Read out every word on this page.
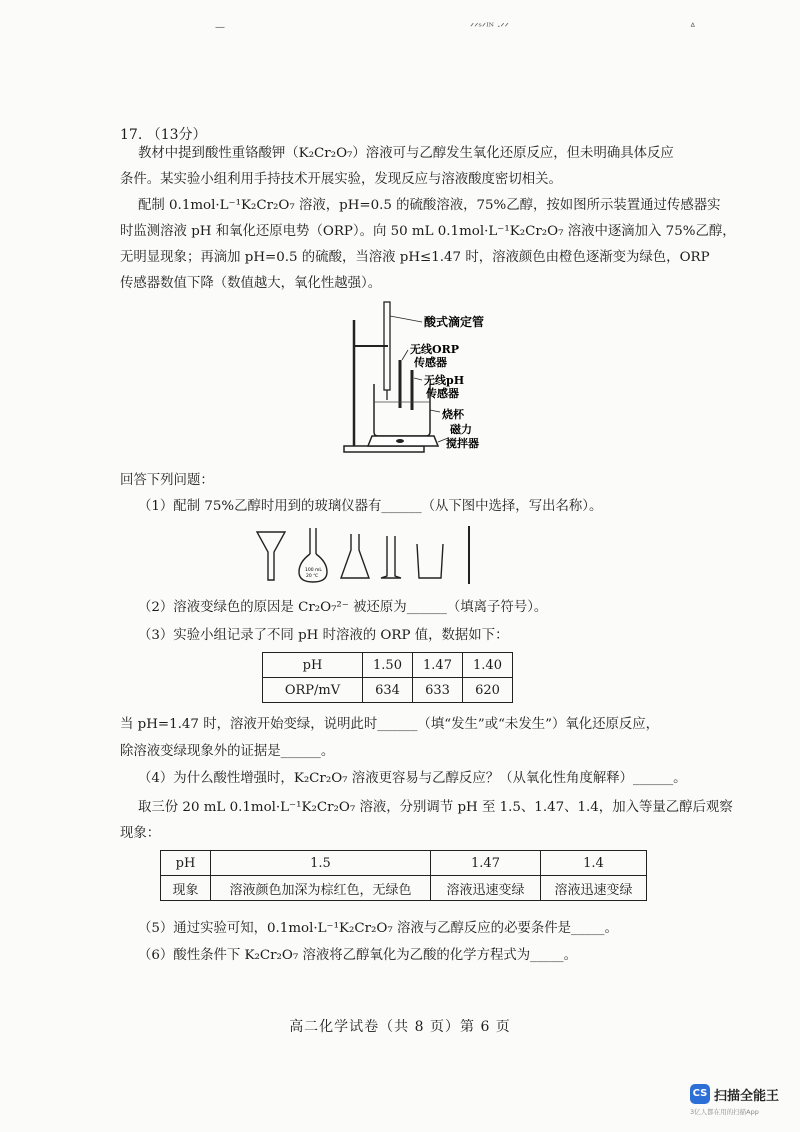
—	ᐟᐟˢᐟᴵᴺ ·ᐟᐟ	ᐞ
17. （13分）
教材中提到酸性重铬酸钾（K₂Cr₂O₇）溶液可与乙醇发生氧化还原反应，但未明确具体反应
条件。某实验小组利用手持技术开展实验，发现反应与溶液酸度密切相关。
配制 0.1mol·L⁻¹K₂Cr₂O₇ 溶液，pH=0.5 的硫酸溶液，75%乙醇，按如图所示装置通过传感器实
时监测溶液 pH 和氧化还原电势（ORP）。向 50 mL 0.1mol·L⁻¹K₂Cr₂O₇ 溶液中逐滴加入 75%乙醇，
无明显现象；再滴加 pH=0.5 的硫酸，当溶液 pH≤1.47 时，溶液颜色由橙色逐渐变为绿色，ORP
传感器数值下降（数值越大，氧化性越强）。
酸式滴定管
无线ORP
传感器
无线pH
传感器
烧杯
磁力
搅拌器
回答下列问题：
（1）配制 75%乙醇时用到的玻璃仪器有______（从下图中选择，写出名称）。
100 mL
20 ℃
（2）溶液变绿色的原因是 Cr₂O₇²⁻ 被还原为______（填离子符号）。
（3）实验小组记录了不同 pH 时溶液的 ORP 值，数据如下：
pH	1.50	1.47	1.40
ORP/mV	634	633	620
当 pH=1.47 时，溶液开始变绿，说明此时______（填“发生”或“未发生”）氧化还原反应，
除溶液变绿现象外的证据是______。
（4）为什么酸性增强时，K₂Cr₂O₇ 溶液更容易与乙醇反应？（从氧化性角度解释）______。
取三份 20 mL 0.1mol·L⁻¹K₂Cr₂O₇ 溶液，分别调节 pH 至 1.5、1.47、1.4，加入等量乙醇后观察
现象：
pH	1.5	1.47	1.4
现象	溶液颜色加深为棕红色，无绿色	溶液迅速变绿	溶液迅速变绿
（5）通过实验可知，0.1mol·L⁻¹K₂Cr₂O₇ 溶液与乙醇反应的必要条件是_____。
（6）酸性条件下 K₂Cr₂O₇ 溶液将乙醇氧化为乙酸的化学方程式为_____。
高二化学试卷（共 8 页）第 6 页
CS 扫描全能王
3亿人都在用的扫描App
